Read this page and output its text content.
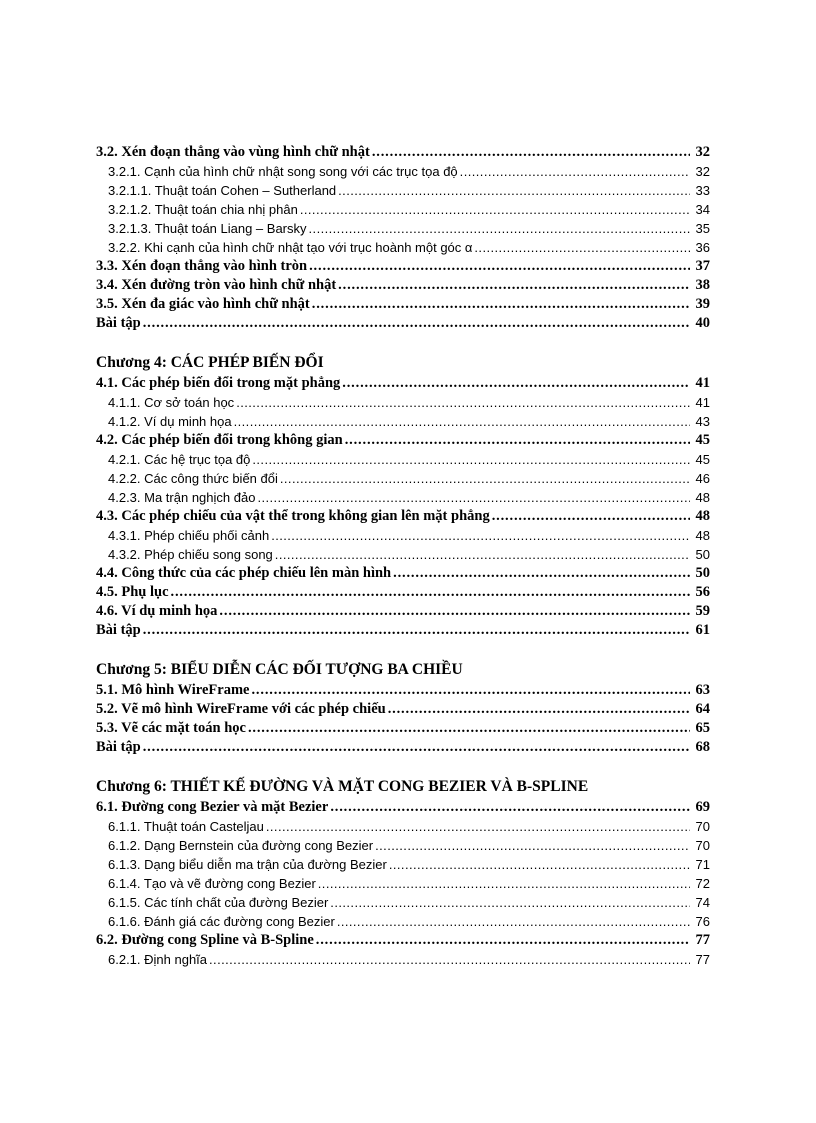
3.2. Xén đoạn thẳng vào vùng hình chữ nhật . . .	32
3.2.1. Cạnh của hình chữ nhật song song với các trục tọa độ . . .	32
3.2.1.1. Thuật toán Cohen – Sutherland . . .	33
3.2.1.2. Thuật toán chia nhị phân . . .	34
3.2.1.3. Thuật toán Liang – Barsky . . .	35
3.2.2. Khi cạnh của hình chữ nhật tạo với trục hoành một góc α . . .	36
3.3. Xén đoạn thẳng vào hình tròn . . .	37
3.4. Xén đường tròn vào hình chữ nhật . . .	38
3.5. Xén đa giác vào hình chữ nhật . . .	39
Bài tập . . .	40
Chương 4: CÁC PHÉP BIẾN ĐỔI
4.1. Các phép biến đổi trong mặt phẳng . . .	41
4.1.1. Cơ sở toán học . . .	41
4.1.2. Ví dụ minh họa . . .	43
4.2. Các phép biến đổi trong không gian . . .	45
4.2.1. Các hệ trục tọa độ . . .	45
4.2.2. Các công thức biến đổi . . .	46
4.2.3. Ma trận nghịch đảo . . .	48
4.3. Các phép chiếu của vật thể trong không gian lên mặt phẳng . . .	48
4.3.1. Phép chiếu phối cảnh . . .	48
4.3.2. Phép chiếu song song . . .	50
4.4. Công thức của các phép chiếu lên màn hình . . .	50
4.5. Phụ lục . . .	56
4.6. Ví dụ minh họa . . .	59
Bài tập . . .	61
Chương 5: BIỂU DIỄN CÁC ĐỐI TƯỢNG BA CHIỀU
5.1. Mô hình WireFrame . . .	63
5.2. Vẽ mô hình WireFrame với các phép chiếu . . .	64
5.3. Vẽ các mặt toán học . . .	65
Bài tập . . .	68
Chương 6: THIẾT KẾ ĐƯỜNG VÀ MẶT CONG BEZIER VÀ B-SPLINE
6.1. Đường cong Bezier và mặt Bezier . . .	69
6.1.1. Thuật toán Casteljau . . .	70
6.1.2. Dạng Bernstein của đường cong Bezier . . .	70
6.1.3. Dạng biểu diễn ma trận của đường Bezier . . .	71
6.1.4. Tạo và vẽ đường cong Bezier . . .	72
6.1.5. Các tính chất của đường Bezier . . .	74
6.1.6. Đánh giá các đường cong Bezier . . .	76
6.2. Đường cong Spline và B-Spline . . .	77
6.2.1. Định nghĩa . . .	77
